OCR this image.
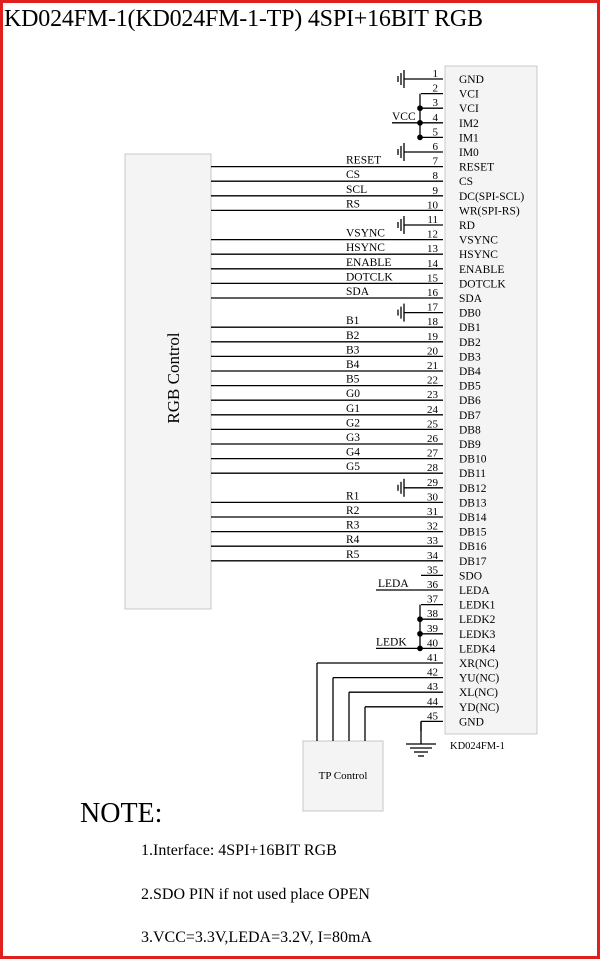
1 GND
2 VCI
3 VCI
4 IM2
5 IM1
6 IM0
7 RESET
8 CS
9 DC(SPI-SCL)
10 WR(SPI-RS)
11 RD
12 VSYNC
13
HSYNC
14 ENABLE
15 DOTCLK
16 SDA
17 DB0
18 DB1
19 DB2
20 DB3
21 DB4
22 DB5
23 DB6
24 DB7
25 DB8
26 DB9
27 DB10
28 DB11
29 DB12
30 DB13
31 DB14
32 DB15
33 DB16
34 DB17
35 SDO
36 LEDA
37 LEDK1
38 LEDK2
39 LEDK3
40 LEDK4
41 XR(NC)
42 YU(NC)
43 XL(NC)
44 YD(NC)
45 GND
RESET
CS
SCL
RS
VSYNC
HSYNC
ENABLE
DOTCLK
SDA
B1
B2
B3
B4
B5
G0
G1
G2
G3
G4
G5
R1
R2
R3
R4
R5
VCC
LEDA
LEDK
KD024FM-1(KD024FM-1-TP) 4SPI+16BIT RGB
RGB Control
TP Control
KD024FM-1
NOTE:
1.Interface: 4SPI+16BIT RGB
2.SDO PIN if not used place OPEN
3.VCC=3.3V,LEDA=3.2V, I=80mA
